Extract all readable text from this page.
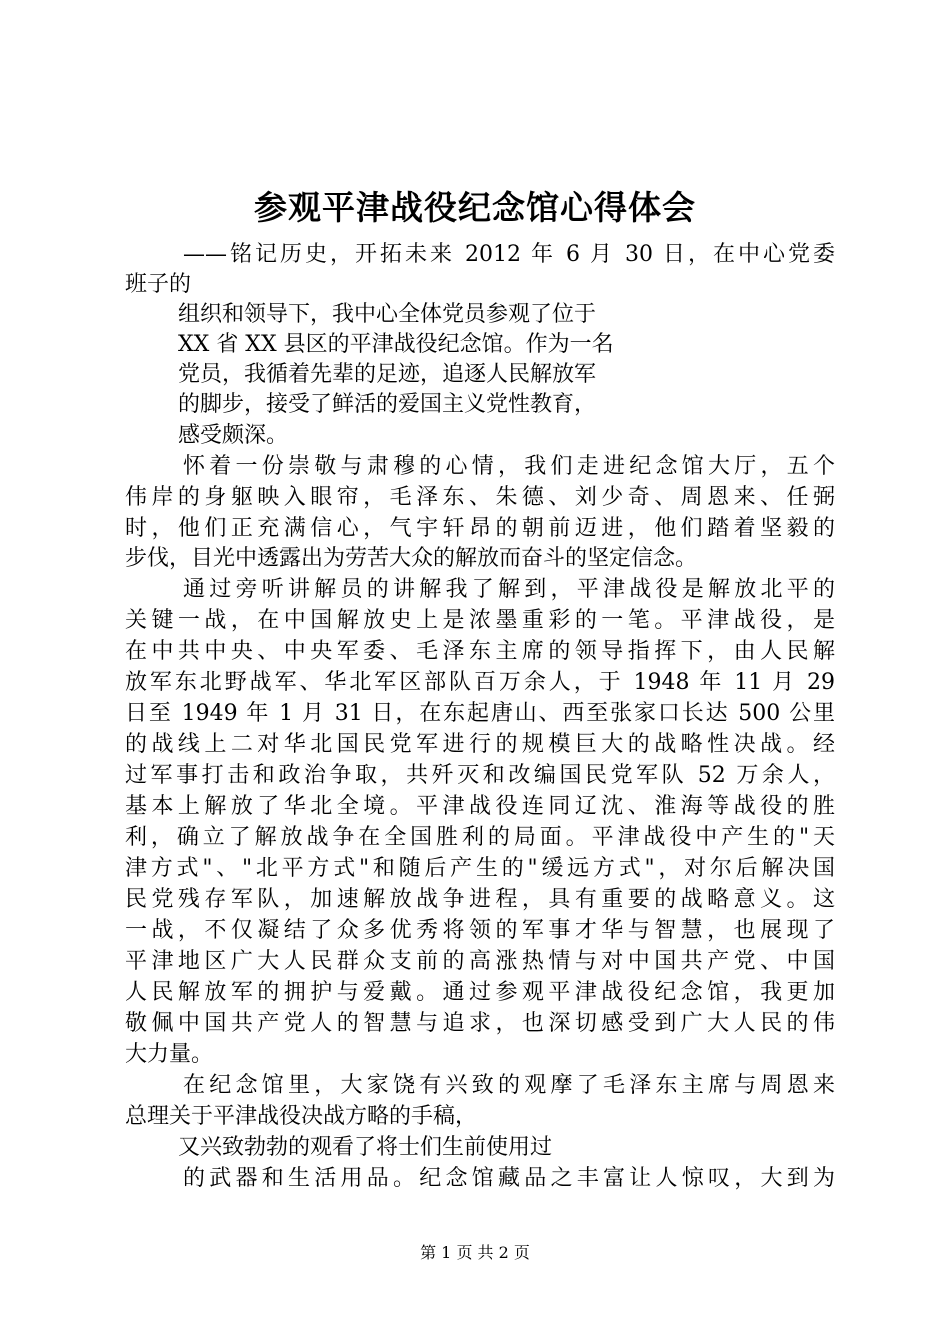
参观平津战役纪念馆心得体会
——铭记历史，开拓未来 2012 年 6 月 30 日，在中心党委
班子的
组织和领导下，我中心全体党员参观了位于
XX 省 XX 县区的平津战役纪念馆。作为一名
党员，我循着先辈的足迹，追逐人民解放军
的脚步，接受了鲜活的爱国主义党性教育，
感受颇深。
怀着一份崇敬与肃穆的心情，我们走进纪念馆大厅，五个
伟岸的身躯映入眼帘，毛泽东、朱德、刘少奇、周恩来、任弼
时，他们正充满信心，气宇轩昂的朝前迈进，他们踏着坚毅的
步伐，目光中透露出为劳苦大众的解放而奋斗的坚定信念。
通过旁听讲解员的讲解我了解到，平津战役是解放北平的
关键一战，在中国解放史上是浓墨重彩的一笔。平津战役，是
在中共中央、中央军委、毛泽东主席的领导指挥下，由人民解
放军东北野战军、华北军区部队百万余人，于 1948 年 11 月 29
日至 1949 年 1 月 31 日，在东起唐山、西至张家口长达 500 公里
的战线上二对华北国民党军进行的规模巨大的战略性决战。经
过军事打击和政治争取，共歼灭和改编国民党军队 52 万余人，
基本上解放了华北全境。平津战役连同辽沈、淮海等战役的胜
利，确立了解放战争在全国胜利的局面。平津战役中产生的"天
津方式"、"北平方式"和随后产生的"缓远方式"，对尔后解决国
民党残存军队，加速解放战争进程，具有重要的战略意义。这
一战，不仅凝结了众多优秀将领的军事才华与智慧，也展现了
平津地区广大人民群众支前的高涨热情与对中国共产党、中国
人民解放军的拥护与爱戴。通过参观平津战役纪念馆，我更加
敬佩中国共产党人的智慧与追求，也深切感受到广大人民的伟
大力量。
在纪念馆里，大家饶有兴致的观摩了毛泽东主席与周恩来
总理关于平津战役决战方略的手稿，
又兴致勃勃的观看了将士们生前使用过
的武器和生活用品。纪念馆藏品之丰富让人惊叹，大到为
第 1 页 共 2 页
